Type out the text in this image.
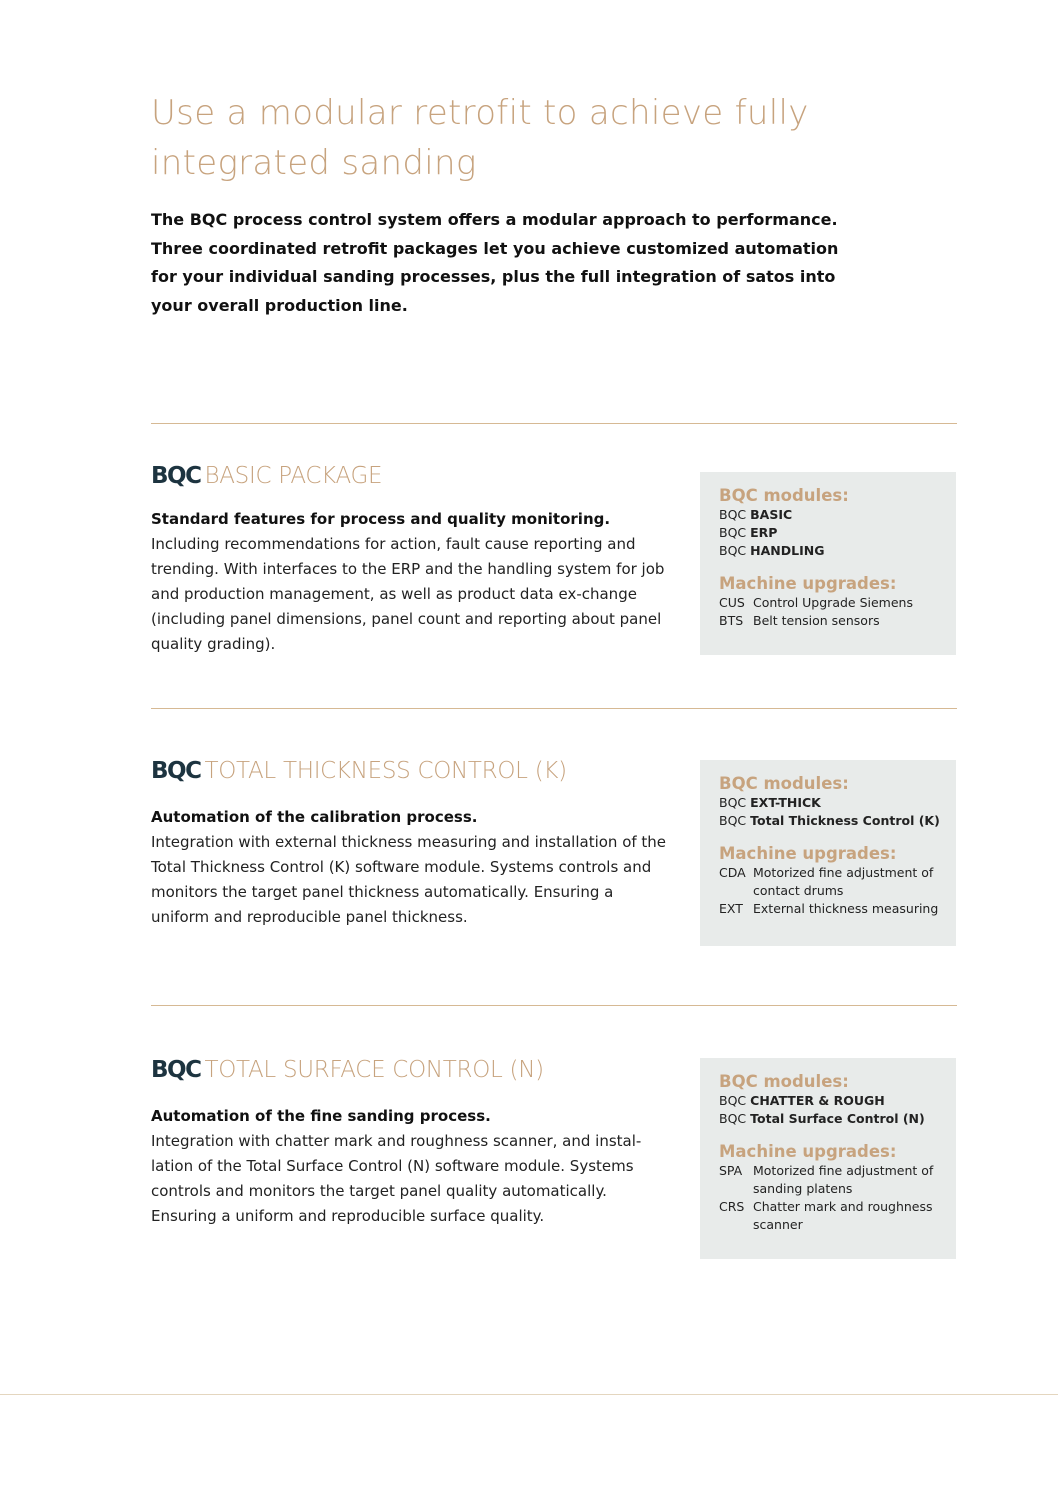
Use a modular retrofit to achieve fully integrated sanding

The BQC process control system offers a modular approach to performance. Three coordinated retrofit packages let you achieve customized automation for your individual sanding processes, plus the full integration of satos into your overall production line.

BQC BASIC PACKAGE
Standard features for process and quality monitoring.
Including recommendations for action, fault cause reporting and trending. With interfaces to the ERP and the handling system for job and production management, as well as product data ex-change (including panel dimensions, panel count and reporting about panel quality grading).
BQC modules:
BQC BASIC
BQC ERP
BQC HANDLING
Machine upgrades:
CUS Control Upgrade Siemens
BTS Belt tension sensors
BQC TOTAL THICKNESS CONTROL (K)
Automation of the calibration process.
Integration with external thickness measuring and installation of the Total Thickness Control (K) software module. Systems controls and monitors the target panel thickness automatically. Ensuring a uniform and reproducible panel thickness.
BQC modules:
BQC EXT-THICK
BQC Total Thickness Control (K)
Machine upgrades:
CDA Motorized fine adjustment of contact drums
EXT External thickness measuring
BQC TOTAL SURFACE CONTROL (N)
Automation of the fine sanding process.
Integration with chatter mark and roughness scanner, and instal-lation of the Total Surface Control (N) software module. Systems controls and monitors the target panel quality automatically. Ensuring a uniform and reproducible surface quality.
BQC modules:
BQC CHATTER & ROUGH
BQC Total Surface Control (N)
Machine upgrades:
SPA Motorized fine adjustment of sanding platens
CRS Chatter mark and roughness scanner
